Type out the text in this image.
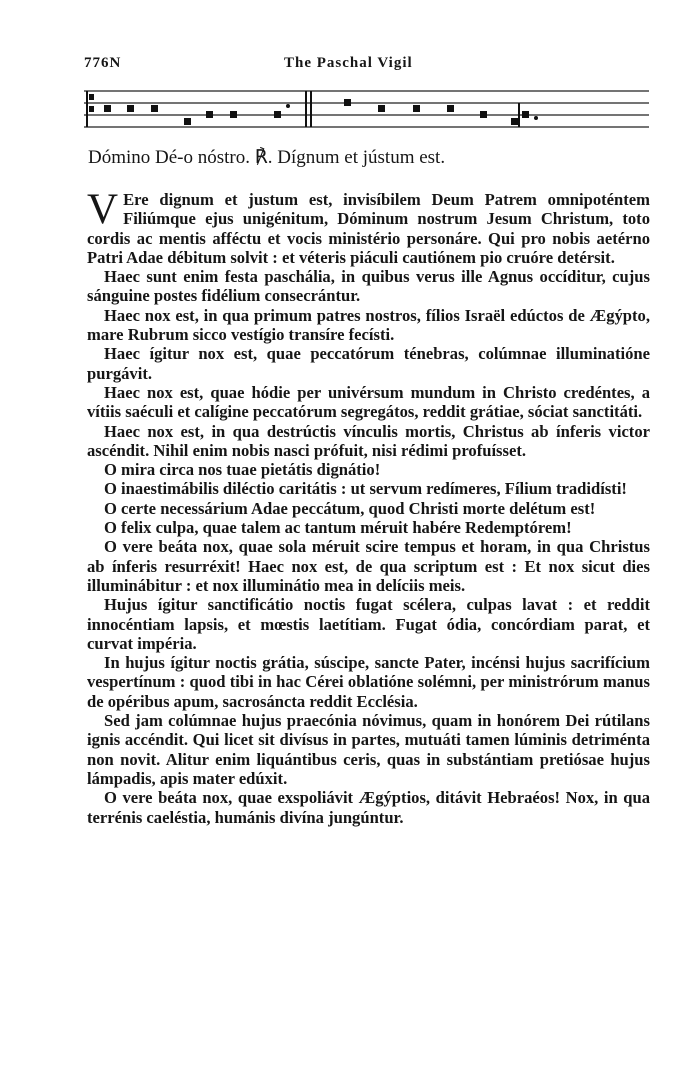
776N	The Paschal Vigil
Dómino Dé-o nóstro. ℟. Dígnum et jústum est.

V Ere dignum et justum est, invisíbilem Deum Patrem omnipoténtem Filiúmque ejus unigénitum, Dóminum nostrum Jesum Christum, toto cordis ac mentis afféctu et vocis ministério personáre. Qui pro nobis aetérno Patri Adae débitum solvit : et véteris piáculi cautiónem pio cruóre detérsit.

Haec sunt enim festa paschália, in quibus verus ille Agnus occíditur, cujus sánguine postes fidélium consecrántur.

Haec nox est, in qua primum patres nostros, fílios Israël edúctos de Ægýpto, mare Rubrum sicco vestígio transíre fecísti.

Haec ígitur nox est, quae peccatórum ténebras, colúmnae illuminatióne purgávit.

Haec nox est, quae hódie per univérsum mundum in Christo credéntes, a vítiis saéculi et calígine peccatórum segregátos, reddit grátiae, sóciat sanctitáti.

Haec nox est, in qua destrúctis vínculis mortis, Christus ab ínferis victor ascéndit. Nihil enim nobis nasci prófuit, nisi rédimi profuísset.

O mira circa nos tuae pietátis dignátio!

O inaestimábilis diléctio caritátis : ut servum redímeres, Fílium tradidísti!

O certe necessárium Adae peccátum, quod Christi morte delétum est!

O felix culpa, quae talem ac tantum méruit habére Redemptórem!

O vere beáta nox, quae sola méruit scire tempus et horam, in qua Christus ab ínferis resurréxit! Haec nox est, de qua scriptum est : Et nox sicut dies illuminábitur : et nox illuminátio mea in delíciis meis.

Hujus ígitur sanctificátio noctis fugat scélera, culpas lavat : et reddit innocéntiam lapsis, et mœstis laetítiam. Fugat ódia, concórdiam parat, et curvat impéria.

In hujus ígitur noctis grátia, súscipe, sancte Pater, incénsi hujus sacrifícium vespertínum : quod tibi in hac Cérei oblatióne solémni, per ministrórum manus de opéribus apum, sacrosáncta reddit Ecclésia.

Sed jam colúmnae hujus praecónia nóvimus, quam in honórem Dei rútilans ignis accéndit. Qui licet sit divísus in partes, mutuáti tamen lúminis detriménta non novit. Alitur enim liquántibus ceris, quas in substántiam pretiósae hujus lámpadis, apis mater edúxit.

O vere beáta nox, quae exspoliávit Ægýptios, ditávit Hebraéos! Nox, in qua terrénis caeléstia, humánis divína jungúntur.
